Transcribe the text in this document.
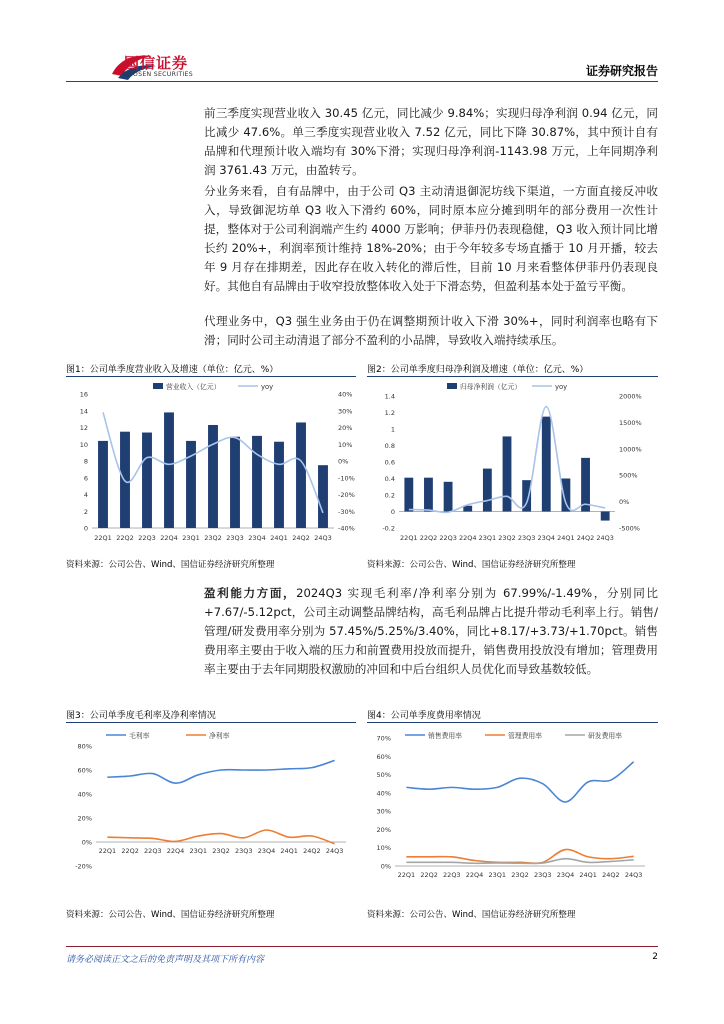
国信证券
GUOSEN SECURITIES	证券研究报告

前三季度实现营业收入 30.45 亿元，同比减少 9.84%；实现归母净利润 0.94 亿元，同比减少 47.6%。单三季度实现营业收入 7.52 亿元，同比下降 30.87%，其中预计自有品牌和代理预计收入端均有 30%下滑；实现归母净利润-1143.98 万元，上年同期净利润 3761.43 万元，由盈转亏。

分业务来看，自有品牌中，由于公司 Q3 主动清退御泥坊线下渠道，一方面直接反冲收入，导致御泥坊单 Q3 收入下滑约 60%，同时原本应分摊到明年的部分费用一次性计提，整体对于公司利润端产生约 4000 万影响；伊菲丹仍表现稳健，Q3 收入预计同比增长约 20%+，利润率预计维持 18%-20%；由于今年较多专场直播于 10 月开播，较去年 9 月存在排期差，因此存在收入转化的滞后性，目前 10 月来看整体伊菲丹仍表现良好。其他自有品牌由于收窄投放整体收入处于下滑态势，但盈利基本处于盈亏平衡。

代理业务中，Q3 强生业务由于仍在调整期预计收入下滑 30%+，同时利润率也略有下滑；同时公司主动清退了部分不盈利的小品牌，导致收入端持续承压。

图1：公司单季度营业收入及增速（单位：亿元、%）
0
2
4
6
8
10
12
14
16
-40%
-30%
-20%
-10%
0%
10%
20%
30%
40%
22Q1 22Q2 22Q3 22Q4 23Q1 23Q2 23Q3 23Q4 24Q1 24Q2 24Q3
营业收入（亿元）	yoy
资料来源：公司公告、Wind、国信证券经济研究所整理
图2：公司单季度归母净利润及增速（单位：亿元、%）
-0.2
0
0.2
0.4
0.6
0.8
1
1.2
1.4
-500%
0%
500%
1000%
1500%
2000%
22Q1 22Q2 22Q3 22Q4 23Q1 23Q2 23Q3 23Q4 24Q1 24Q2 24Q3
归母净利润（亿元）	yoy
资料来源：公司公告、Wind、国信证券经济研究所整理

盈利能力方面，2024Q3 实现毛利率/净利率分别为 67.99%/-1.49%，分别同比+7.67/-5.12pct，公司主动调整品牌结构，高毛利品牌占比提升带动毛利率上行。销售/管理/研发费用率分别为 57.45%/5.25%/3.40%，同比+8.17/+3.73/+1.70pct。销售费用率主要由于收入端的压力和前置费用投放而提升，销售费用投放没有增加；管理费用率主要由于去年同期股权激励的冲回和中后台组织人员优化而导致基数较低。

图3：公司单季度毛利率及净利率情况
-20%
0%
20%
40%
60%
80%
22Q1 22Q2 22Q3 22Q4 23Q1 23Q2 23Q3 23Q4 24Q1 24Q2 24Q3
毛利率	净利率
资料来源：公司公告、Wind、国信证券经济研究所整理
图4：公司单季度费用率情况
0%
10%
20%
30%
40%
50%
60%
70%
22Q1 22Q2 22Q3 22Q4 23Q1 23Q2 23Q3 23Q4 24Q1 24Q2 24Q3
销售费用率	管理费用率	研发费用率
资料来源：公司公告、Wind、国信证券经济研究所整理
请务必阅读正文之后的免责声明及其项下所有内容	2
